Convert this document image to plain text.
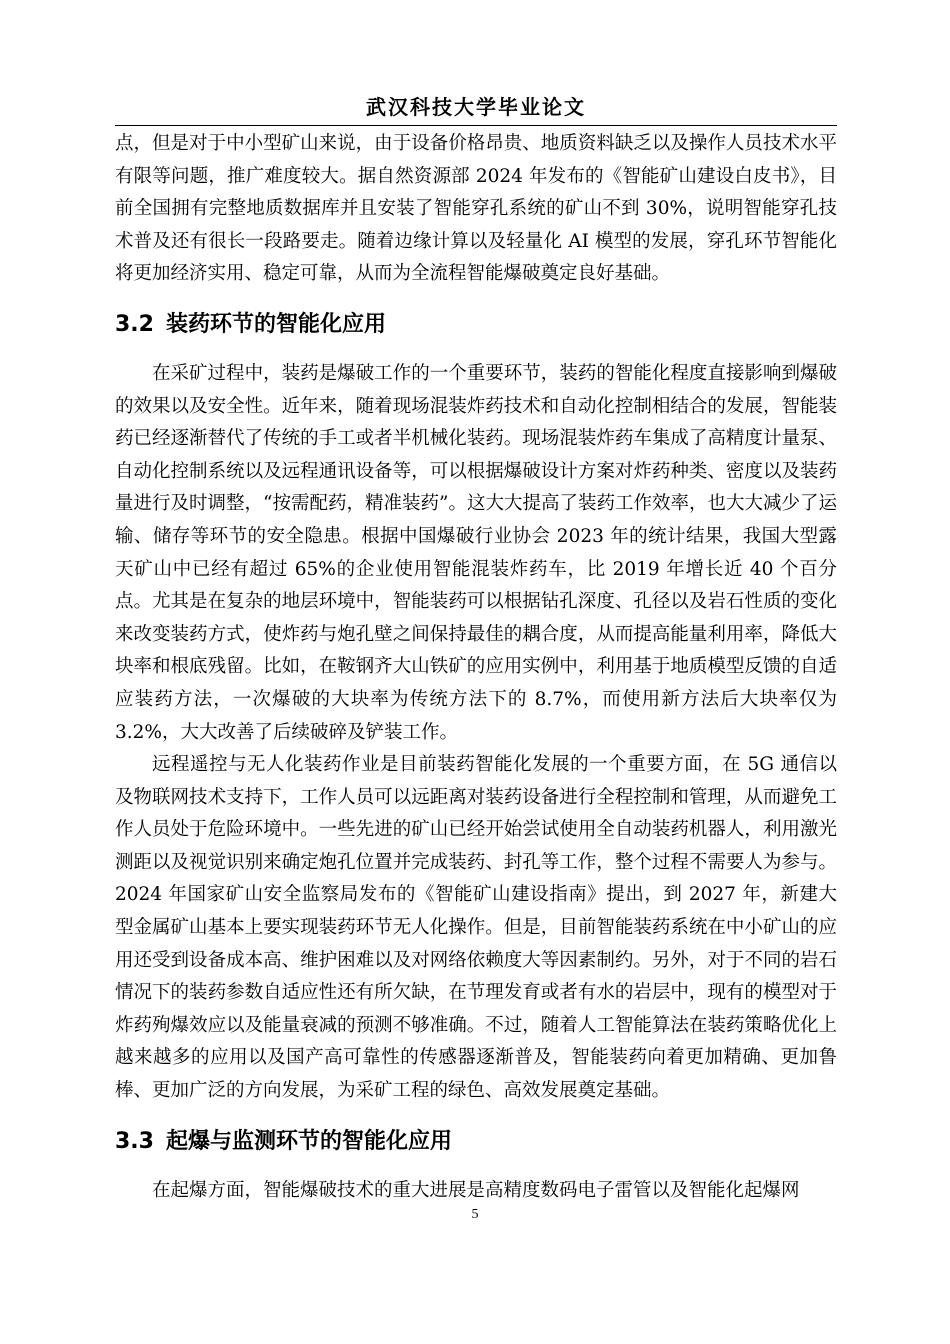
武汉科技大学毕业论文

点，但是对于中小型矿山来说，由于设备价格昂贵、地质资料缺乏以及操作人员技术水平有限等问题，推广难度较大。据自然资源部 2024 年发布的《智能矿山建设白皮书》，目前全国拥有完整地质数据库并且安装了智能穿孔系统的矿山不到 30%，说明智能穿孔技术普及还有很长一段路要走。随着边缘计算以及轻量化 AI 模型的发展，穿孔环节智能化将更加经济实用、稳定可靠，从而为全流程智能爆破奠定良好基础。

3.2 装药环节的智能化应用

在采矿过程中，装药是爆破工作的一个重要环节，装药的智能化程度直接影响到爆破的效果以及安全性。近年来，随着现场混装炸药技术和自动化控制相结合的发展，智能装药已经逐渐替代了传统的手工或者半机械化装药。现场混装炸药车集成了高精度计量泵、自动化控制系统以及远程通讯设备等，可以根据爆破设计方案对炸药种类、密度以及装药量进行及时调整，“按需配药，精准装药”。这大大提高了装药工作效率，也大大减少了运输、储存等环节的安全隐患。根据中国爆破行业协会 2023 年的统计结果，我国大型露天矿山中已经有超过 65%的企业使用智能混装炸药车，比 2019 年增长近 40 个百分点。尤其是在复杂的地层环境中，智能装药可以根据钻孔深度、孔径以及岩石性质的变化来改变装药方式，使炸药与炮孔壁之间保持最佳的耦合度，从而提高能量利用率，降低大块率和根底残留。比如，在鞍钢齐大山铁矿的应用实例中，利用基于地质模型反馈的自适应装药方法，一次爆破的大块率为传统方法下的 8.7%，而使用新方法后大块率仅为 3.2%，大大改善了后续破碎及铲装工作。

远程遥控与无人化装药作业是目前装药智能化发展的一个重要方面，在 5G 通信以及物联网技术支持下，工作人员可以远距离对装药设备进行全程控制和管理，从而避免工作人员处于危险环境中。一些先进的矿山已经开始尝试使用全自动装药机器人，利用激光测距以及视觉识别来确定炮孔位置并完成装药、封孔等工作，整个过程不需要人为参与。2024 年国家矿山安全监察局发布的《智能矿山建设指南》提出，到 2027 年，新建大型金属矿山基本上要实现装药环节无人化操作。但是，目前智能装药系统在中小矿山的应用还受到设备成本高、维护困难以及对网络依赖度大等因素制约。另外，对于不同的岩石情况下的装药参数自适应性还有所欠缺，在节理发育或者有水的岩层中，现有的模型对于炸药殉爆效应以及能量衰减的预测不够准确。不过，随着人工智能算法在装药策略优化上越来越多的应用以及国产高可靠性的传感器逐渐普及，智能装药向着更加精确、更加鲁棒、更加广泛的方向发展，为采矿工程的绿色、高效发展奠定基础。

3.3 起爆与监测环节的智能化应用

在起爆方面，智能爆破技术的重大进展是高精度数码电子雷管以及智能化起爆网

5
